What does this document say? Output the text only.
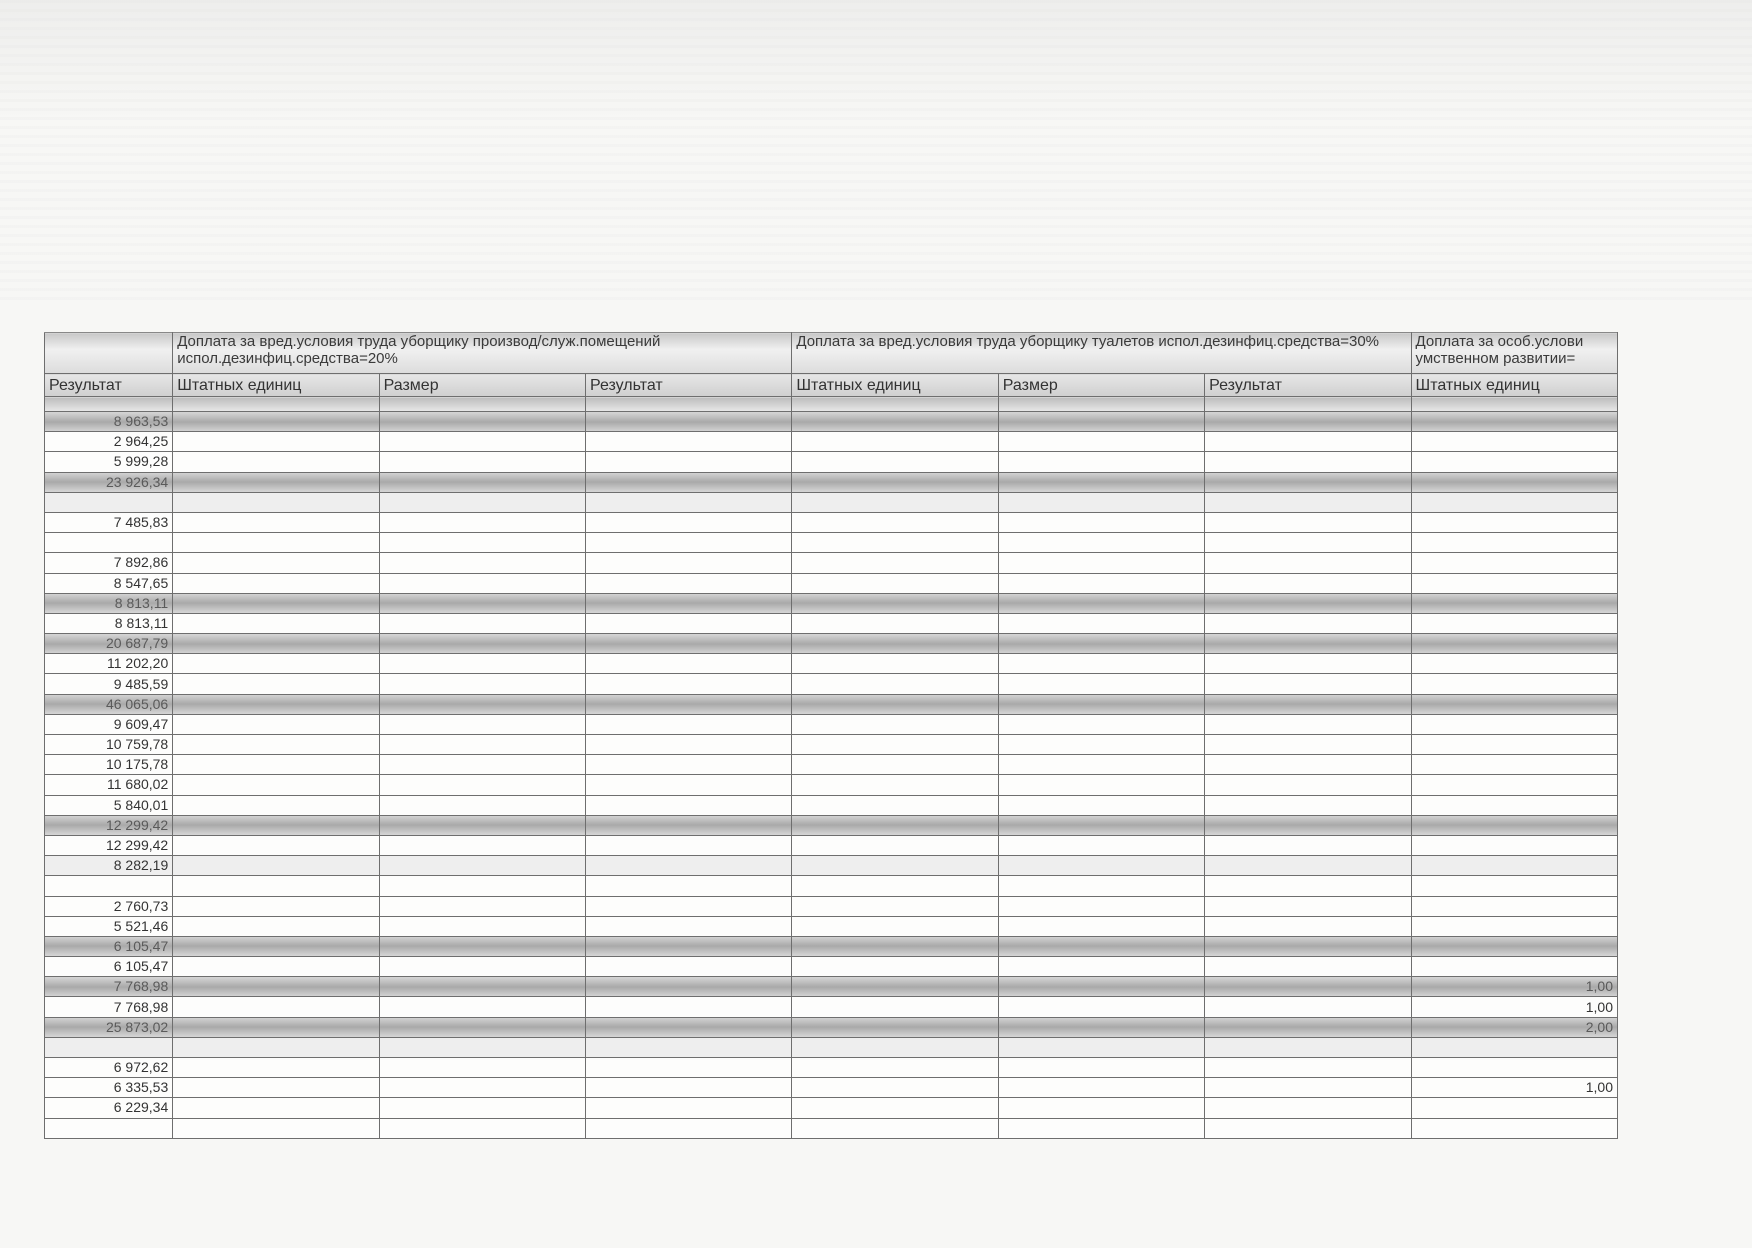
	Доплата за вред.условия труда уборщику производ/служ.помещений испол.дезинфиц.средства=20%			Доплата за вред.условия труда уборщику туалетов испол.дезинфиц.средства=30%			Доплата за особ.услови умственном развитии=
Результат	Штатных единиц	Размер	Результат	Штатных единиц	Размер	Результат	Штатных единиц

8 963,53							
2 964,25							
5 999,28							
23 926,34							

7 485,83							

7 892,86							
8 547,65							
8 813,11							
8 813,11							
20 687,79							
11 202,20							
9 485,59							
46 065,06							
9 609,47							
10 759,78							
10 175,78							
11 680,02							
5 840,01							
12 299,42							
12 299,42							
8 282,19							

2 760,73							
5 521,46							
6 105,47							
6 105,47							
7 768,98							1,00
7 768,98							1,00
25 873,02							2,00

6 972,62							
6 335,53							1,00
6 229,34							
